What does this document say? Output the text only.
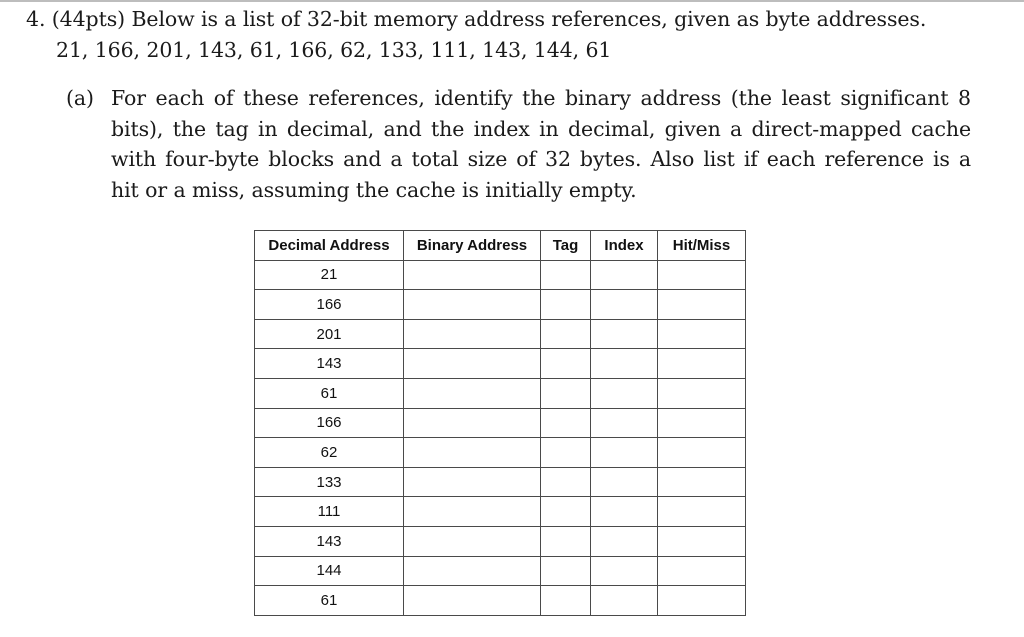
4. (44pts) Below is a list of 32-bit memory address references, given as byte addresses.
21, 166, 201, 143, 61, 166, 62, 133, 111, 143, 144, 61
(a) For each of these references, identify the binary address (the least significant 8
bits), the tag in decimal, and the index in decimal, given a direct-mapped cache
with four-byte blocks and a total size of 32 bytes. Also list if each reference is a
hit or a miss, assuming the cache is initially empty.
Decimal Address	Binary Address	Tag	Index	Hit/Miss
21				
166				
201				
143				
61				
166				
62				
133				
111				
143				
144				
61				
